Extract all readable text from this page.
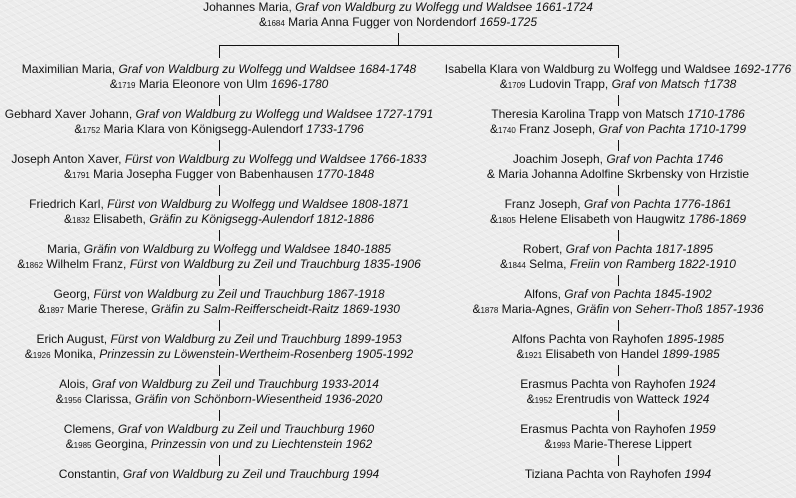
Johannes Maria, Graf von Waldburg zu Wolfegg und Waldsee 1661-1724
&1684 Maria Anna Fugger von Nordendorf 1659-1725
Maximilian Maria, Graf von Waldburg zu Wolfegg und Waldsee 1684-1748
&1719 Maria Eleonore von Ulm 1696-1780
Gebhard Xaver Johann, Graf von Waldburg zu Wolfegg und Waldsee 1727-1791
&1752 Maria Klara von Königsegg-Aulendorf 1733-1796
Joseph Anton Xaver, Fürst von Waldburg zu Wolfegg und Waldsee 1766-1833
&1791 Maria Josepha Fugger von Babenhausen 1770-1848
Friedrich Karl, Fürst von Waldburg zu Wolfegg und Waldsee 1808-1871
&1832 Elisabeth, Gräfin zu Königsegg-Aulendorf 1812-1886
Maria, Gräfin von Waldburg zu Wolfegg und Waldsee 1840-1885
&1862 Wilhelm Franz, Fürst von Waldburg zu Zeil und Trauchburg 1835-1906
Georg, Fürst von Waldburg zu Zeil und Trauchburg 1867-1918
&1897 Marie Therese, Gräfin zu Salm-Reifferscheidt-Raitz 1869-1930
Erich August, Fürst von Waldburg zu Zeil und Trauchburg 1899-1953
&1926 Monika, Prinzessin zu Löwenstein-Wertheim-Rosenberg 1905-1992
Alois, Graf von Waldburg zu Zeil und Trauchburg 1933-2014
&1956 Clarissa, Gräfin von Schönborn-Wiesentheid 1936-2020
Clemens, Graf von Waldburg zu Zeil und Trauchburg 1960
&1985 Georgina, Prinzessin von und zu Liechtenstein 1962
Constantin, Graf von Waldburg zu Zeil und Trauchburg 1994
Isabella Klara von Waldburg zu Wolfegg und Waldsee 1692-1776
&1709 Ludovin Trapp, Graf von Matsch †1738
Theresia Karolina Trapp von Matsch 1710-1786
&1740 Franz Joseph, Graf von Pachta 1710-1799
Joachim Joseph, Graf von Pachta 1746
& Maria Johanna Adolfine Skrbensky von Hrzistie
Franz Joseph, Graf von Pachta 1776-1861
&1805 Helene Elisabeth von Haugwitz 1786-1869
Robert, Graf von Pachta 1817-1895
&1844 Selma, Freiin von Ramberg 1822-1910
Alfons, Graf von Pachta 1845-1902
&1878 Maria-Agnes, Gräfin von Seherr-Thoß 1857-1936
Alfons Pachta von Rayhofen 1895-1985
&1921 Elisabeth von Handel 1899-1985
Erasmus Pachta von Rayhofen 1924
&1952 Erentrudis von Watteck 1924
Erasmus Pachta von Rayhofen 1959
&1993 Marie-Therese Lippert
Tiziana Pachta von Rayhofen 1994
